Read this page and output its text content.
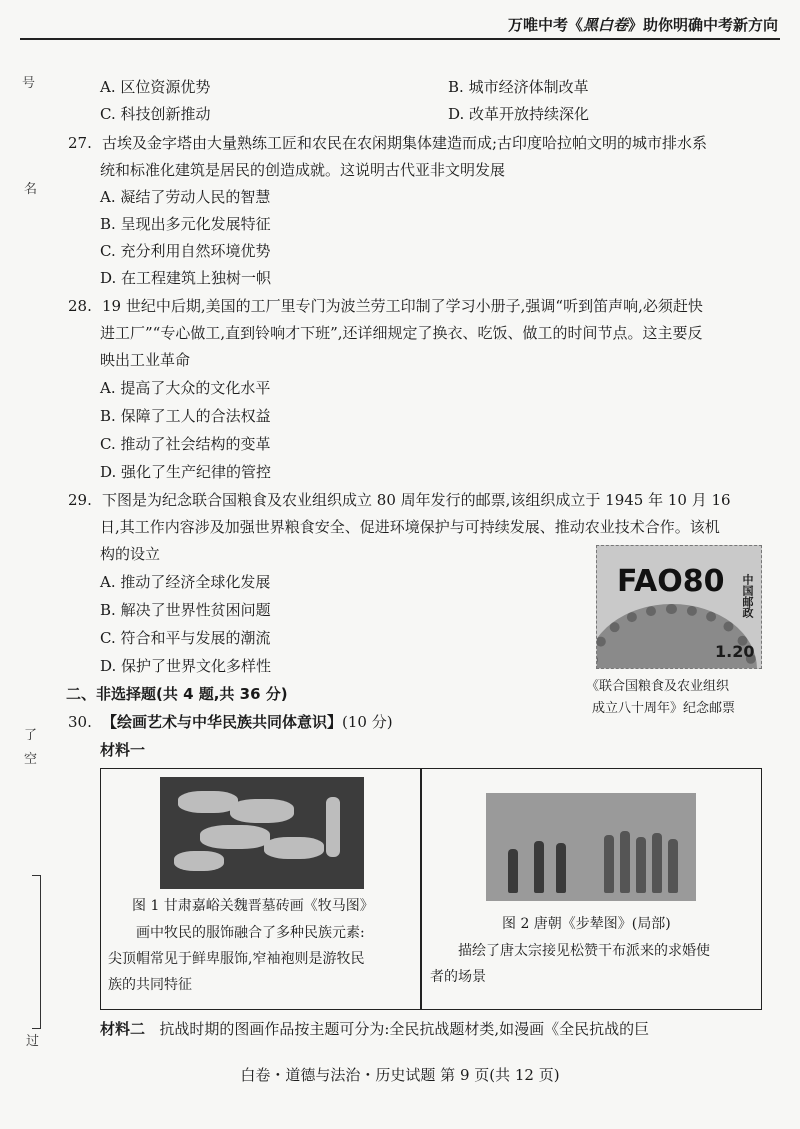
万唯中考《黑白卷》助你明确中考新方向
号
名
了
空
过
A. 区位资源优势	B. 城市经济体制改革
C. 科技创新推动	D. 改革开放持续深化
27. 古埃及金字塔由大量熟练工匠和农民在农闲期集体建造而成;古印度哈拉帕文明的城市排水系
统和标准化建筑是居民的创造成就。这说明古代亚非文明发展
A. 凝结了劳动人民的智慧
B. 呈现出多元化发展特征
C. 充分利用自然环境优势
D. 在工程建筑上独树一帜
28. 19 世纪中后期,美国的工厂里专门为波兰劳工印制了学习小册子,强调“听到笛声响,必须赶快
进工厂”“专心做工,直到铃响才下班”,还详细规定了换衣、吃饭、做工的时间节点。这主要反
映出工业革命
A. 提高了大众的文化水平
B. 保障了工人的合法权益
C. 推动了社会结构的变革
D. 强化了生产纪律的管控
29. 下图是为纪念联合国粮食及农业组织成立 80 周年发行的邮票,该组织成立于 1945 年 10 月 16
日,其工作内容涉及加强世界粮食安全、促进环境保护与可持续发展、推动农业技术合作。该机
构的设立
A. 推动了经济全球化发展
B. 解决了世界性贫困问题
C. 符合和平与发展的潮流
D. 保护了世界文化多样性
FAO80 中国邮政
1.20
《联合国粮食及农业组织
成立八十周年》纪念邮票
二、非选择题(共 4 题,共 36 分)
30. 【绘画艺术与中华民族共同体意识】(10 分)
材料一
图 1 甘肃嘉峪关魏晋墓砖画《牧马图》
画中牧民的服饰融合了多种民族元素:
尖顶帽常见于鲜卑服饰,窄袖袍则是游牧民
族的共同特征
图 2 唐朝《步辇图》(局部)
描绘了唐太宗接见松赞干布派来的求婚使
者的场景
材料二 抗战时期的图画作品按主题可分为:全民抗战题材类,如漫画《全民抗战的巨
白卷・道德与法治・历史试题 第 9 页(共 12 页)
